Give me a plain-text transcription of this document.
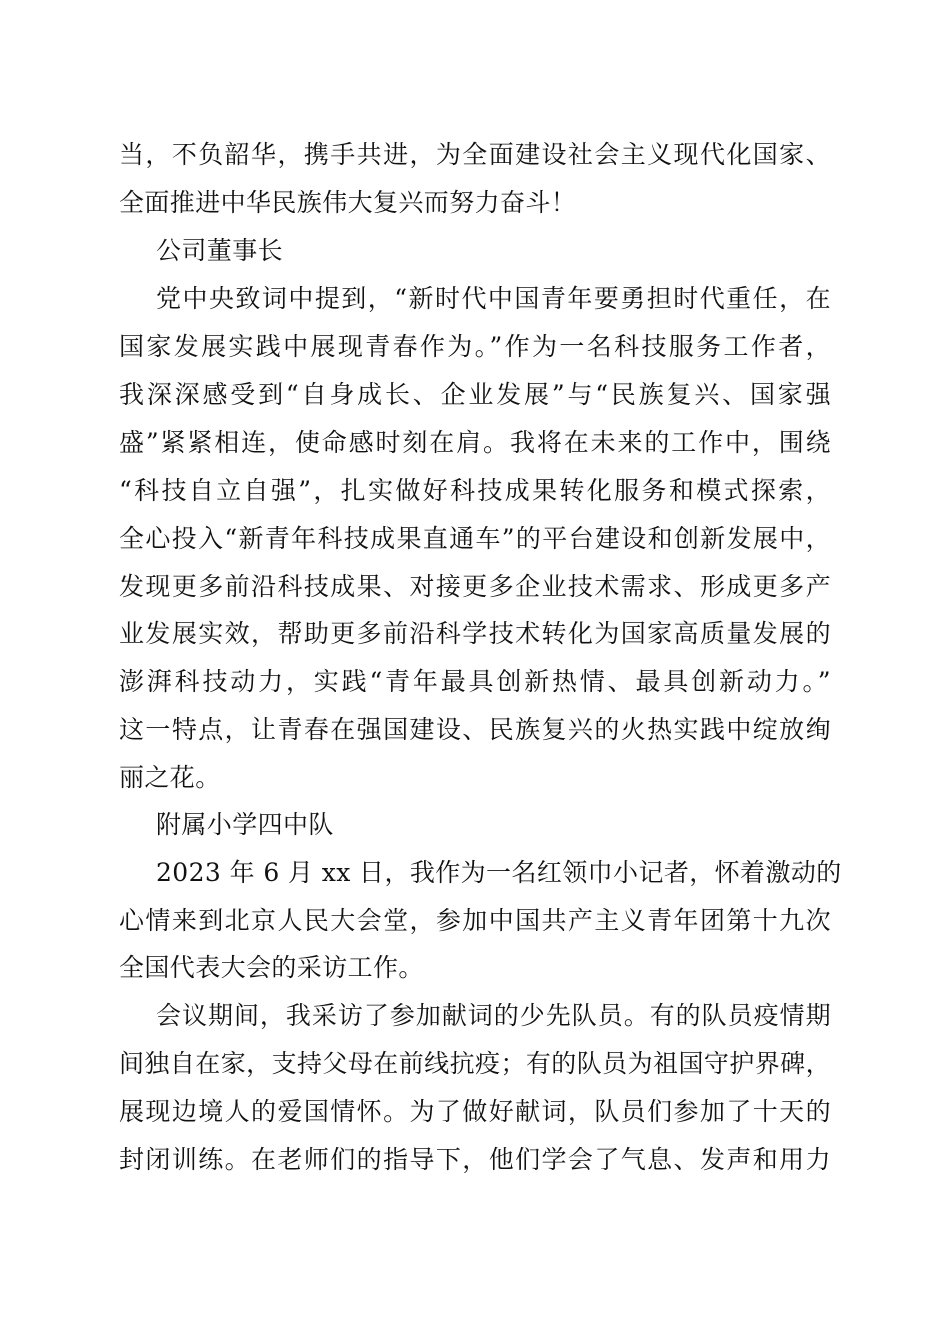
当，不负韶华，携手共进，为全面建设社会主义现代化国家、
全面推进中华民族伟大复兴而努力奋斗！
公司董事长
党中央致词中提到，“新时代中国青年要勇担时代重任，在
国家发展实践中展现青春作为。”作为一名科技服务工作者，
我深深感受到“自身成长、企业发展”与“民族复兴、国家强
盛”紧紧相连，使命感时刻在肩。我将在未来的工作中，围绕
“科技自立自强”，扎实做好科技成果转化服务和模式探索，
全心投入“新青年科技成果直通车”的平台建设和创新发展中，
发现更多前沿科技成果、对接更多企业技术需求、形成更多产
业发展实效，帮助更多前沿科学技术转化为国家高质量发展的
澎湃科技动力，实践“青年最具创新热情、最具创新动力。”
这一特点，让青春在强国建设、民族复兴的火热实践中绽放绚
丽之花。
附属小学四中队
2023 年 6 月 xx 日，我作为一名红领巾小记者，怀着激动的
心情来到北京人民大会堂，参加中国共产主义青年团第十九次
全国代表大会的采访工作。
会议期间，我采访了参加献词的少先队员。有的队员疫情期
间独自在家，支持父母在前线抗疫；有的队员为祖国守护界碑，
展现边境人的爱国情怀。为了做好献词，队员们参加了十天的
封闭训练。在老师们的指导下，他们学会了气息、发声和用力
